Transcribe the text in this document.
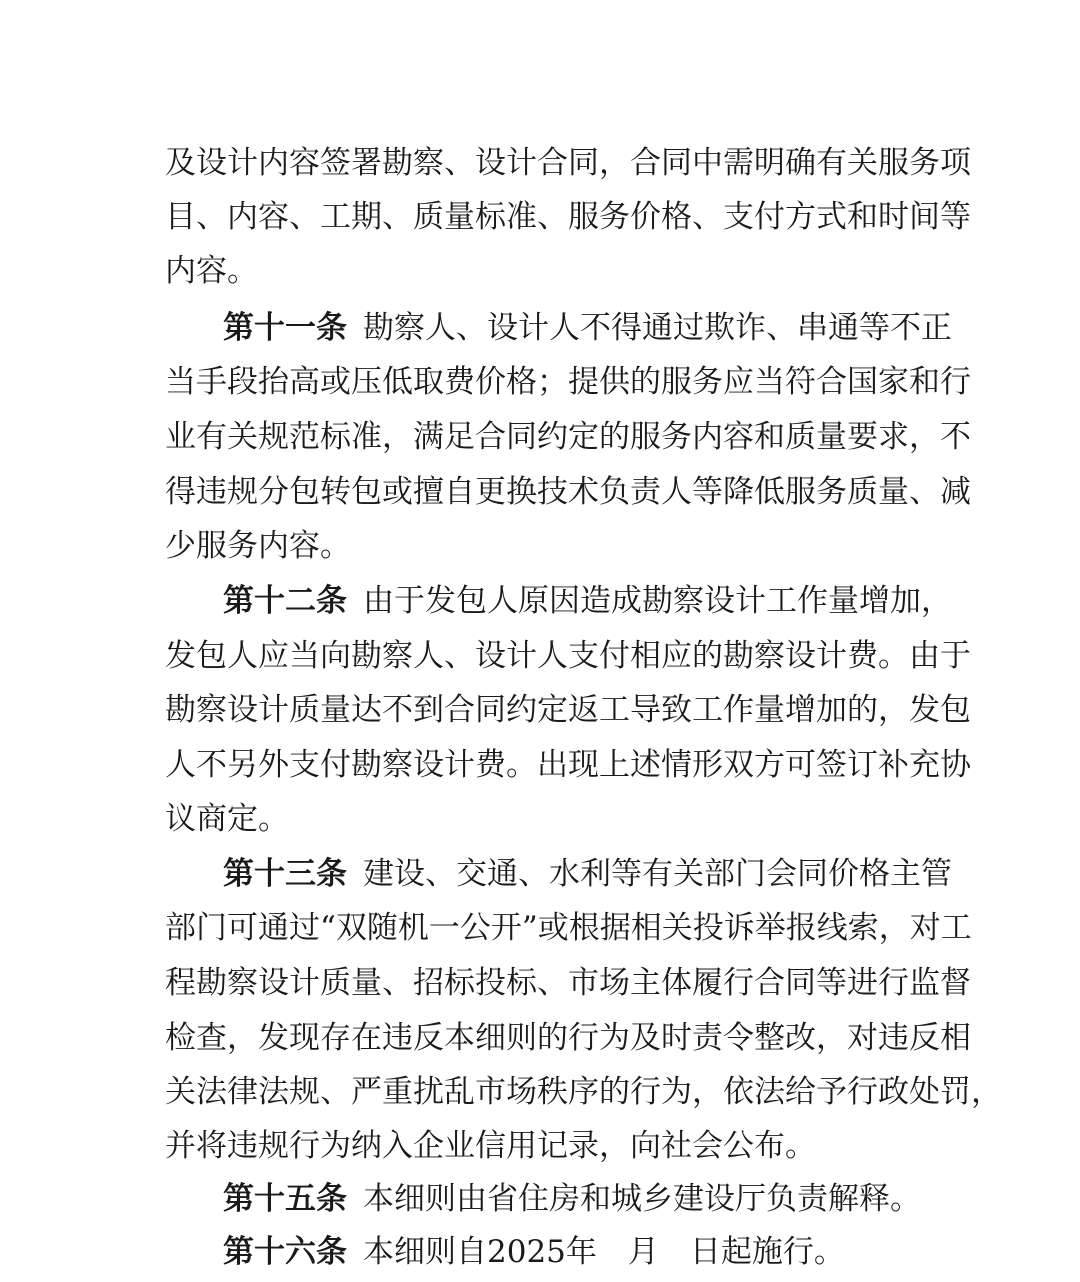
及设计内容签署勘察、设计合同，合同中需明确有关服务项
目、内容、工期、质量标准、服务价格、支付方式和时间等
内容。
第十一条 勘察人、设计人不得通过欺诈、串通等不正
当手段抬高或压低取费价格；提供的服务应当符合国家和行
业有关规范标准，满足合同约定的服务内容和质量要求，不
得违规分包转包或擅自更换技术负责人等降低服务质量、减
少服务内容。
第十二条 由于发包人原因造成勘察设计工作量增加，
发包人应当向勘察人、设计人支付相应的勘察设计费。由于
勘察设计质量达不到合同约定返工导致工作量增加的，发包
人不另外支付勘察设计费。出现上述情形双方可签订补充协
议商定。
第十三条 建设、交通、水利等有关部门会同价格主管
部门可通过“双随机一公开”或根据相关投诉举报线索，对工
程勘察设计质量、招标投标、市场主体履行合同等进行监督
检查，发现存在违反本细则的行为及时责令整改，对违反相
关法律法规、严重扰乱市场秩序的行为，依法给予行政处罚，
并将违规行为纳入企业信用记录，向社会公布。
第十五条 本细则由省住房和城乡建设厅负责解释。
第十六条 本细则自2025年　月　日起施行。
